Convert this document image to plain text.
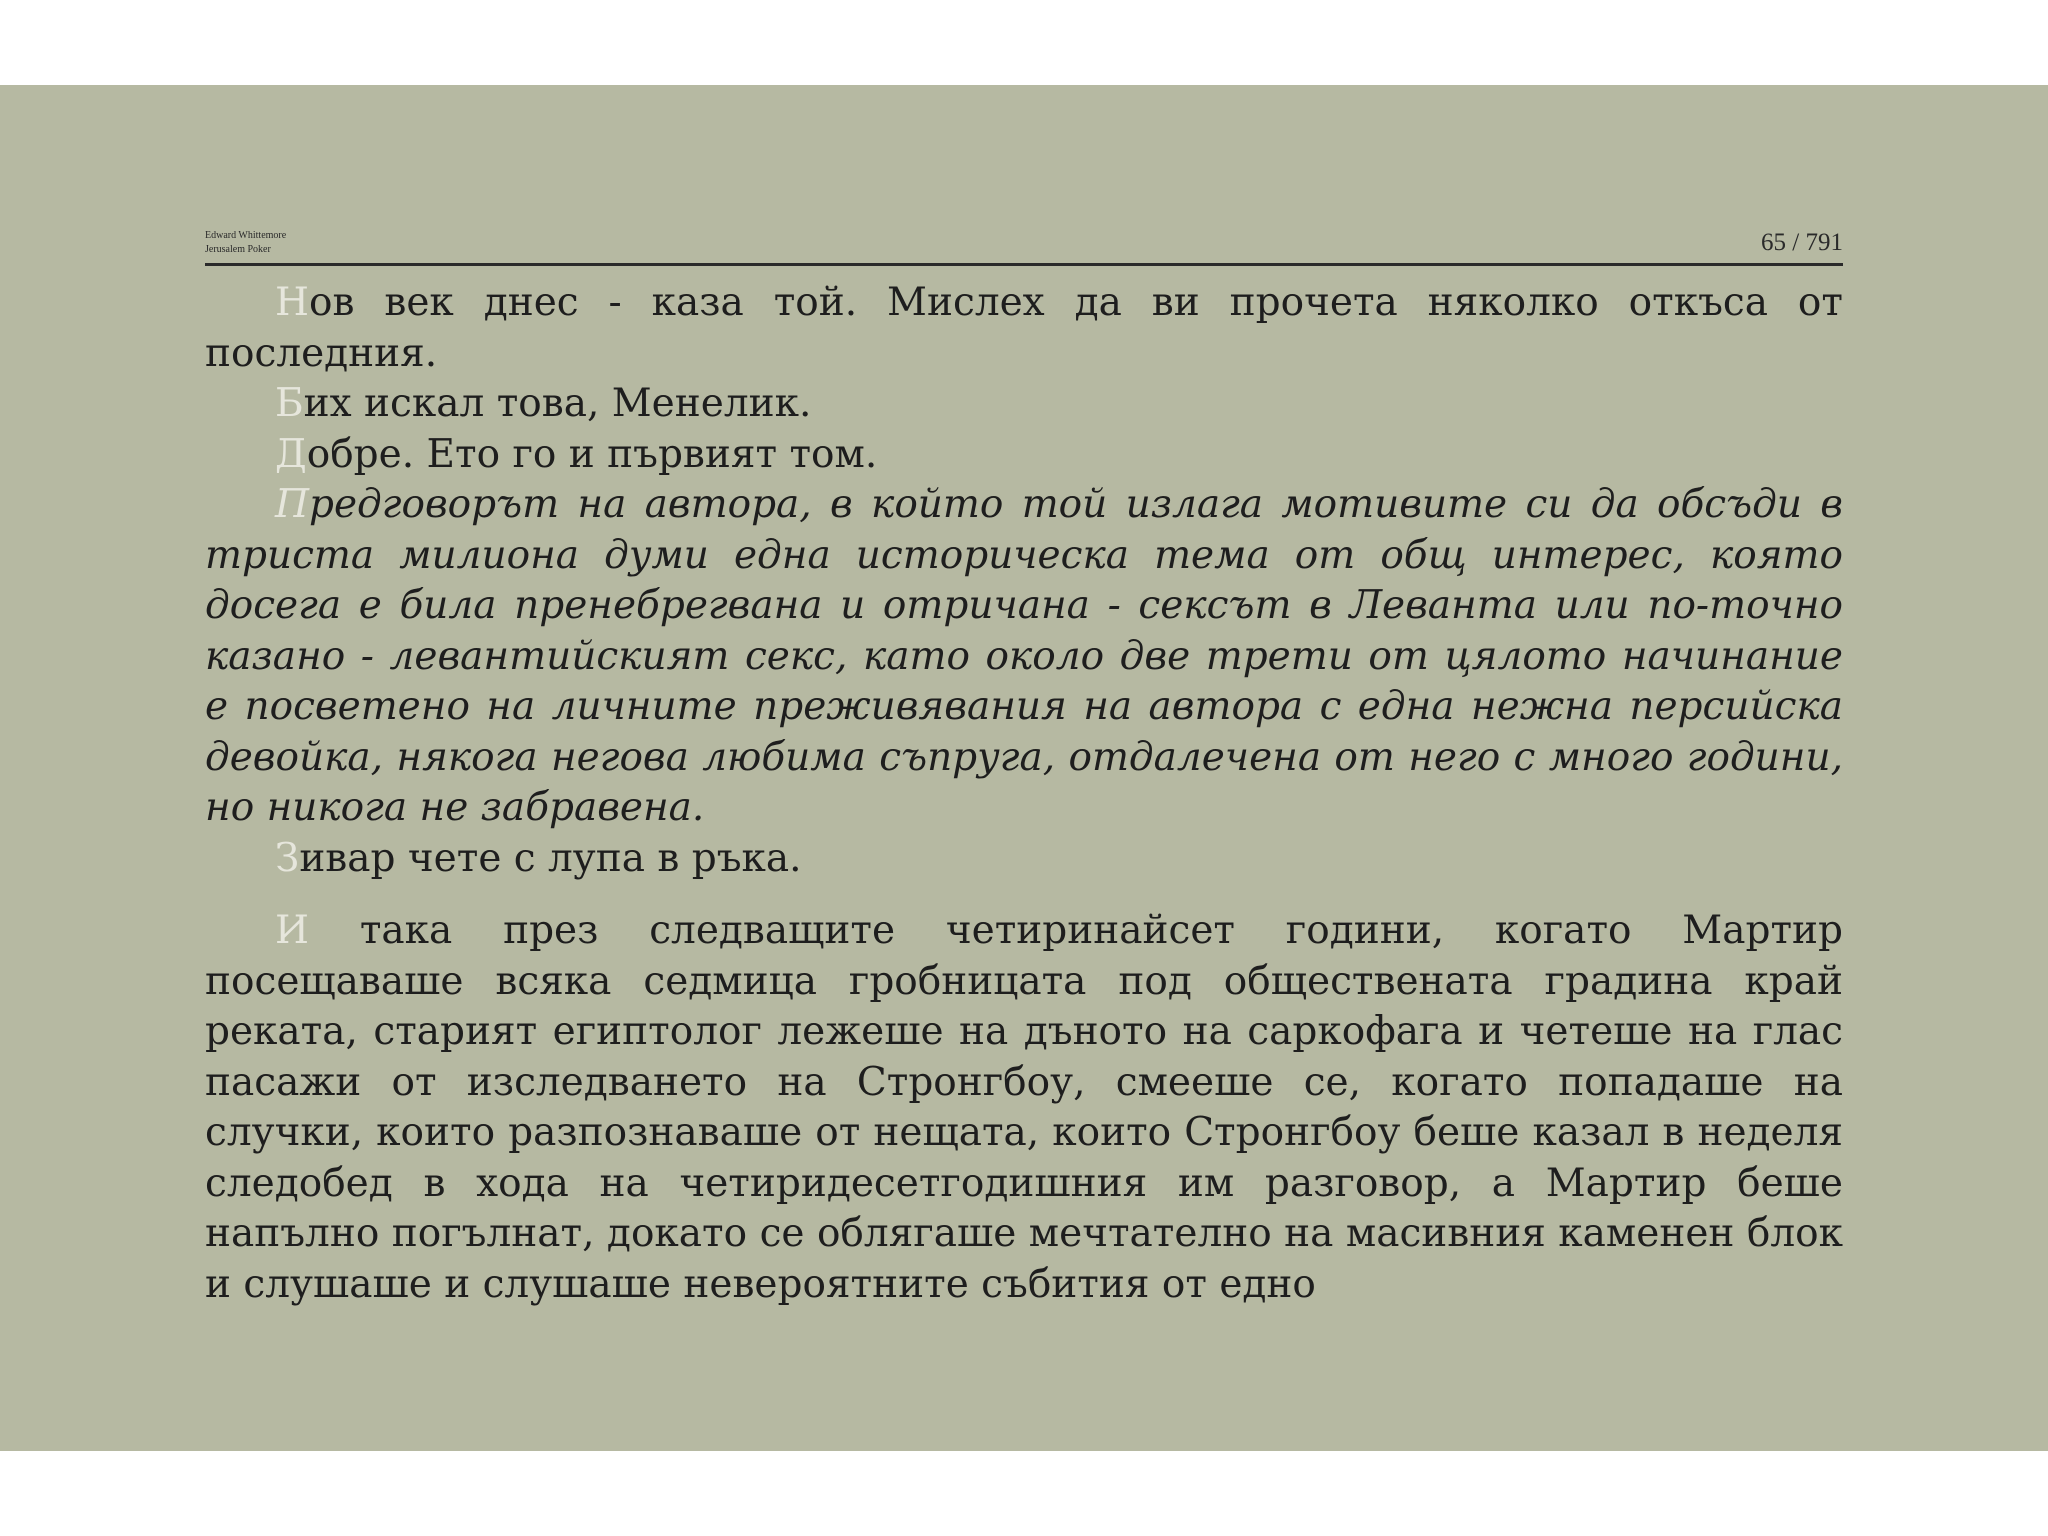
Edward Whittemore
Jerusalem Poker	65 / 791

Нов век днес - каза той. Мислех да ви прочета няколко откъса от последния.

Бих искал това, Менелик.

Добре. Ето го и първият том.

Предговорът на автора, в който той излага мотивите си да обсъди в триста милиона думи една историческа тема от общ интерес, която досега е била пренебрегвана и отричана - сексът в Леванта или по-точно казано - левантийският секс, като около две трети от цялото начинание е посветено на личните преживявания на автора с една нежна персийска девойка, някога негова любима съпруга, отдалечена от него с много години, но никога не забравена.

Зивар чете с лупа в ръка.

И така през следващите четиринайсет години, когато Мартир посещаваше всяка седмица гробницата под обществената градина край реката, старият египтолог лежеше на дъното на саркофага и четеше на глас пасажи от изследването на Стронгбоу, смееше се, когато попадаше на случки, които разпознаваше от нещата, които Стронгбоу беше казал в неделя следобед в хода на четиридесетгодишния им разговор, а Мартир беше напълно погълнат, докато се облягаше мечтателно на масивния каменен блок и слушаше и слушаше невероятните събития от едно
